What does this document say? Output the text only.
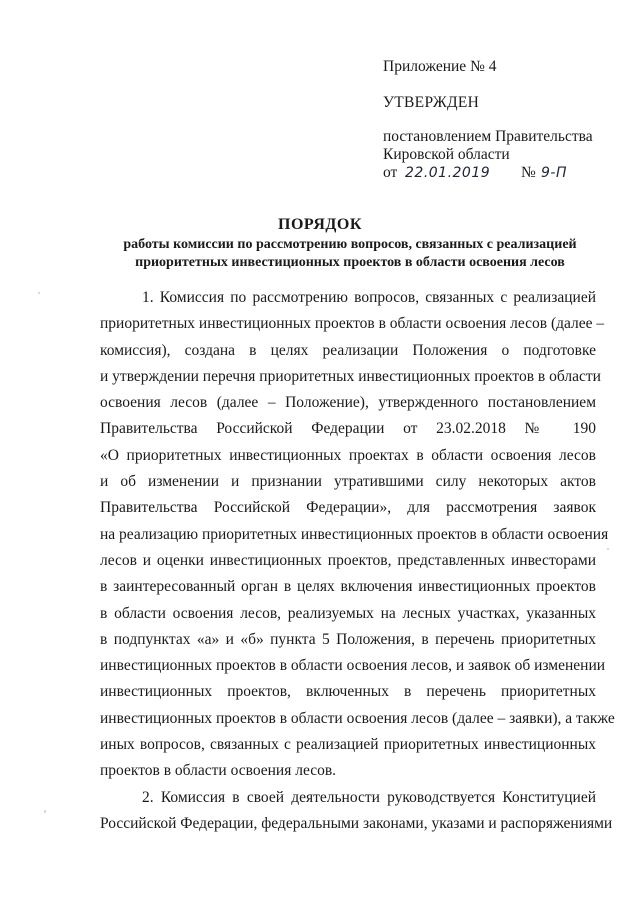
Приложение № 4
УТВЕРЖДЕН
постановлением Правительства
Кировской области
от 22.01.2019 № 9-П
ПОРЯДОК
работы комиссии по рассмотрению вопросов, связанных с реализацией
приоритетных инвестиционных проектов в области освоения лесов
1. Комиссия по рассмотрению вопросов, связанных с реализацией
приоритетных инвестиционных проектов в области освоения лесов (далее –
комиссия), создана в целях реализации Положения о подготовке
и утверждении перечня приоритетных инвестиционных проектов в области
освоения лесов (далее – Положение), утвержденного постановлением
Правительства Российской Федерации от 23.02.2018 № 190
«О приоритетных инвестиционных проектах в области освоения лесов
и об изменении и признании утратившими силу некоторых актов
Правительства Российской Федерации», для рассмотрения заявок
на реализацию приоритетных инвестиционных проектов в области освоения
лесов и оценки инвестиционных проектов, представленных инвесторами
в заинтересованный орган в целях включения инвестиционных проектов
в области освоения лесов, реализуемых на лесных участках, указанных
в подпунктах «а» и «б» пункта 5 Положения, в перечень приоритетных
инвестиционных проектов в области освоения лесов, и заявок об изменении
инвестиционных проектов, включенных в перечень приоритетных
инвестиционных проектов в области освоения лесов (далее – заявки), а также
иных вопросов, связанных с реализацией приоритетных инвестиционных
проектов в области освоения лесов.
2. Комиссия в своей деятельности руководствуется Конституцией
Российской Федерации, федеральными законами, указами и распоряжениями
